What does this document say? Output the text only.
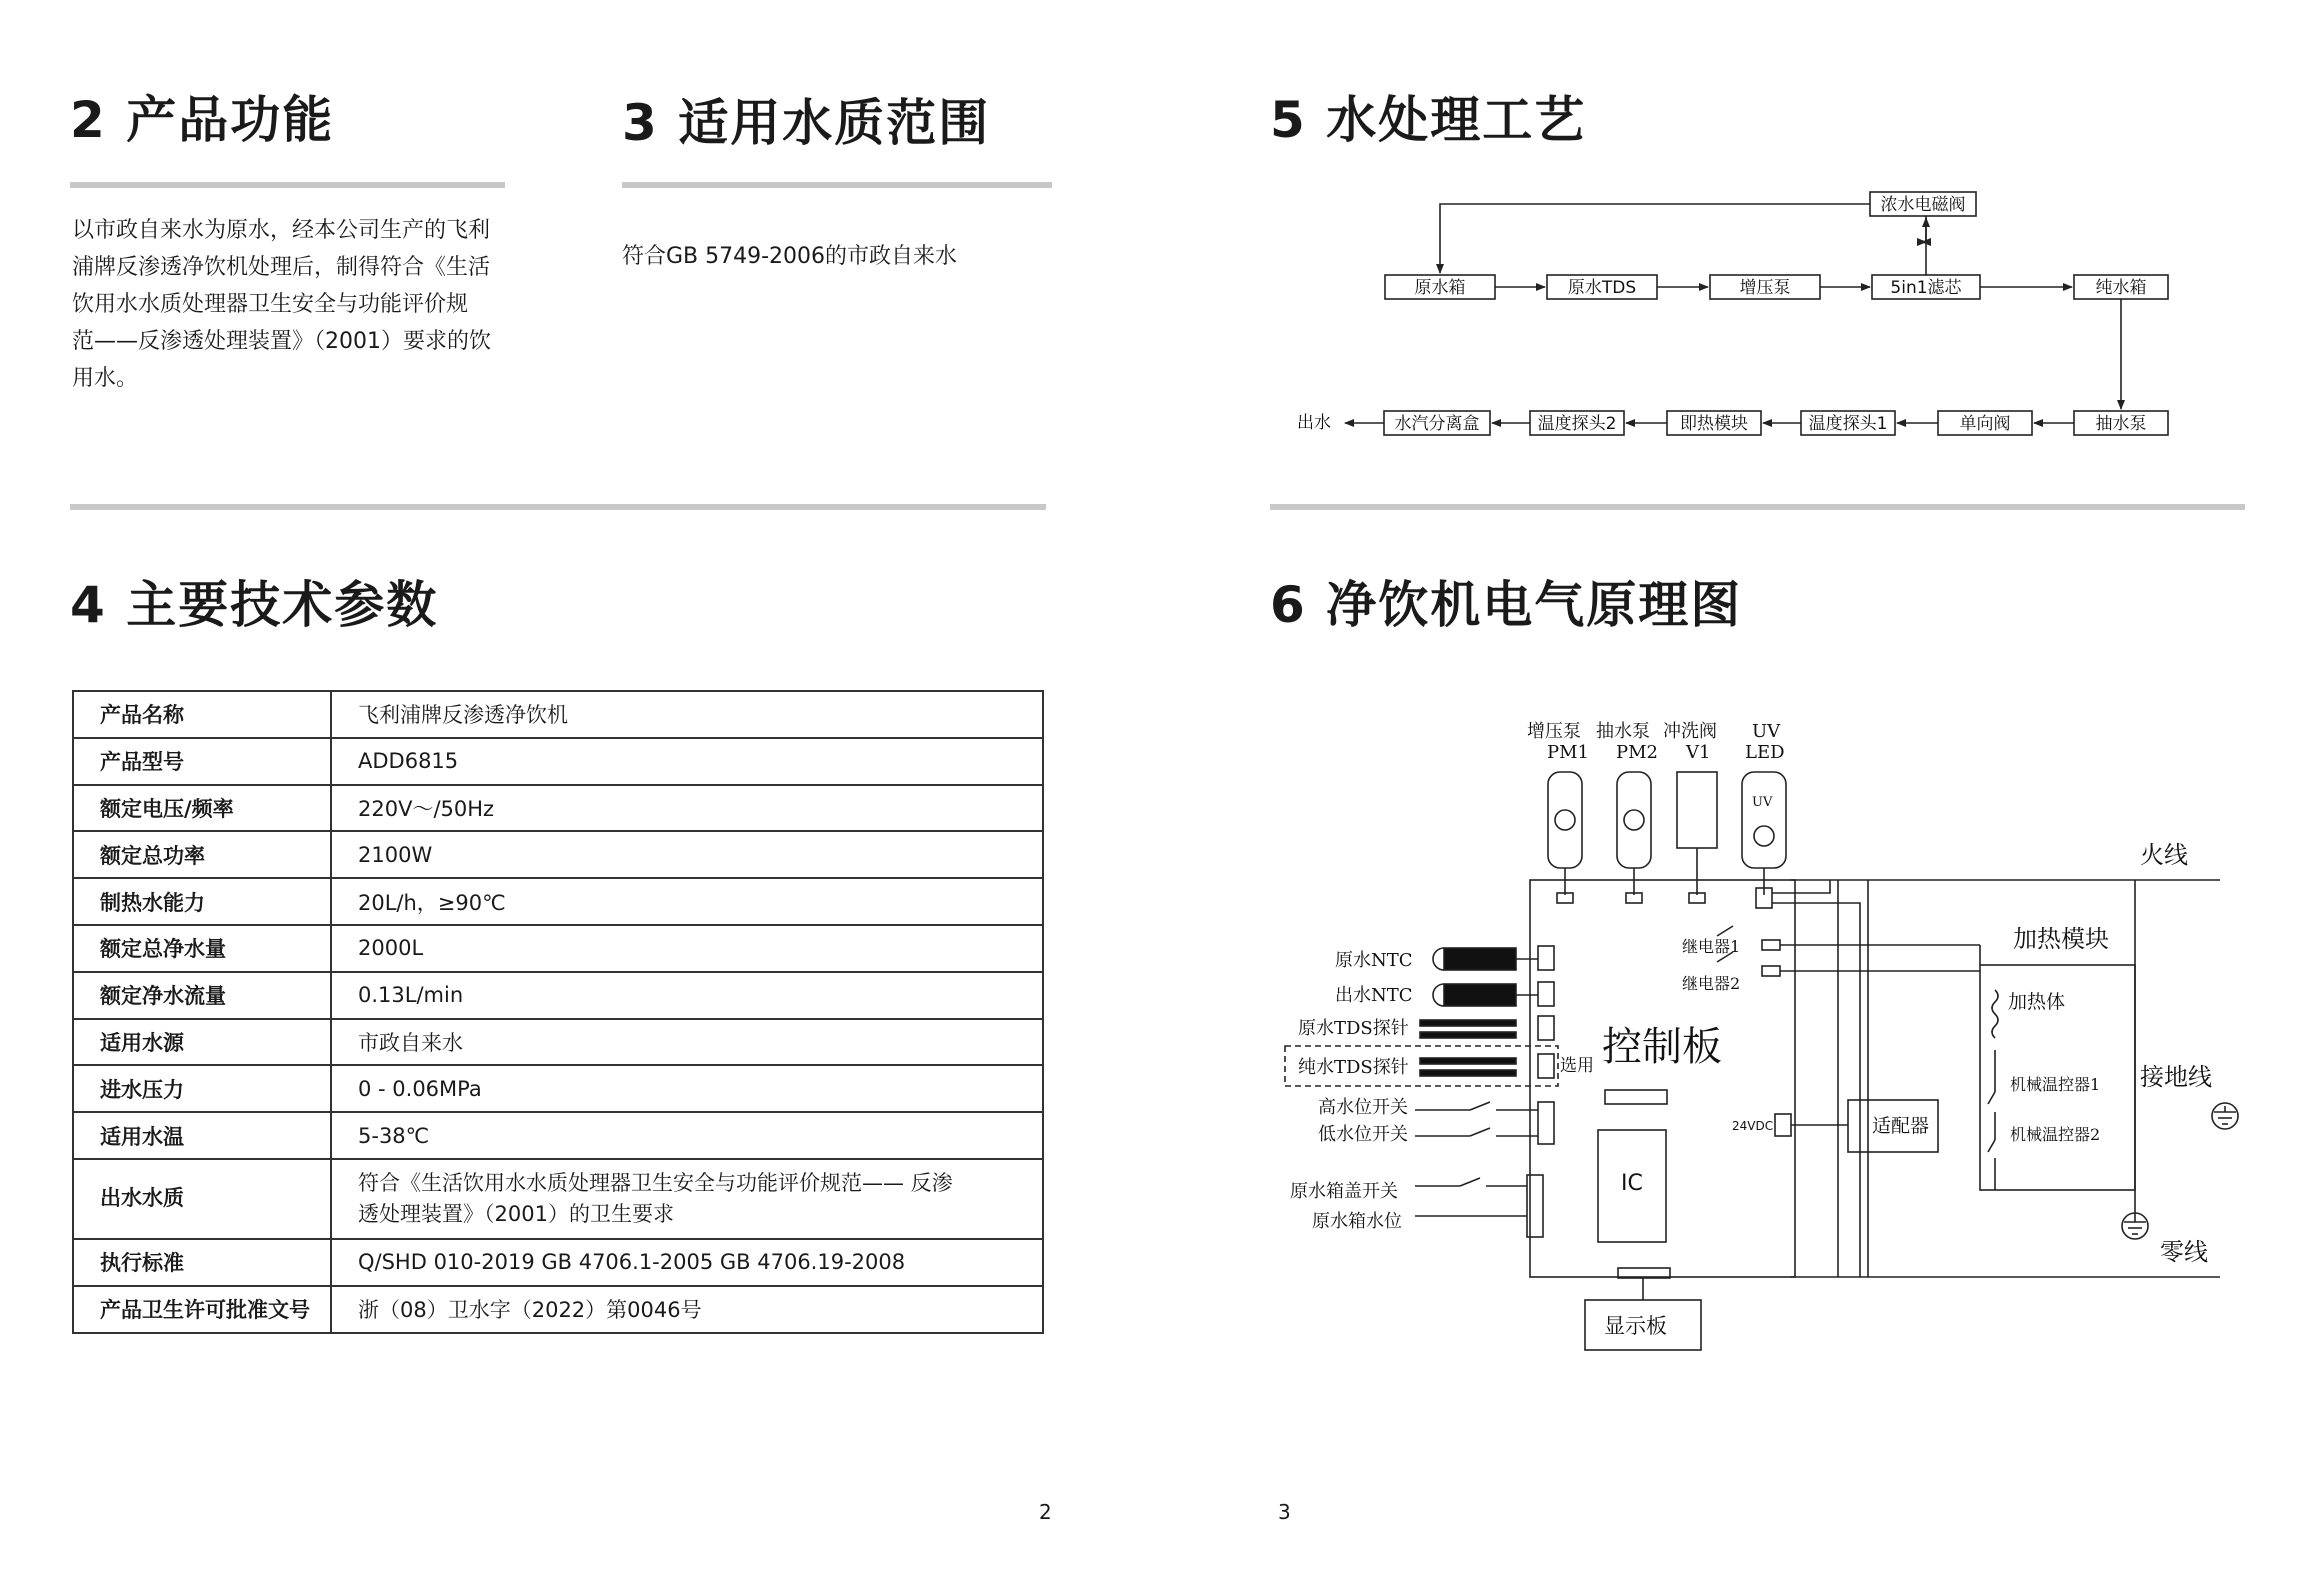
2 产品功能
以市政自来水为原水，经本公司生产的飞利
浦牌反渗透净饮机处理后，制得符合《生活
饮用水水质处理器卫生安全与功能评价规
范——反渗透处理装置》（2001）要求的饮
用水。
3 适用水质范围
符合GB 5749-2006的市政自来水
4 主要技术参数
产品名称	飞利浦牌反渗透净饮机
产品型号	ADD6815
额定电压/频率	220V～/50Hz
额定总功率	2100W
制热水能力	20L/h，≥90℃
额定总净水量	2000L
额定净水流量	0.13L/min
适用水源	市政自来水
进水压力	0 - 0.06MPa
适用水温	5-38℃
出水水质	符合《生活饮用水水质处理器卫生安全与功能评价规范—— 反渗
透处理装置》（2001）的卫生要求

执行标准	Q/SHD 010-2019 GB 4706.1-2005 GB 4706.19-2008
产品卫生许可批准文号	浙（08）卫水字（2022）第0046号
2
5 水处理工艺
6 净饮机电气原理图
3
浓水电磁阀
原水箱	原水TDS	增压泵	5in1滤芯	纯水箱
抽水泵
单向阀
温度探头1
即热模块
温度探头2
水汽分离盒
出水
增压泵
PM1
抽水泵
PM2
冲洗阀
V1
UV
LED
UV
火线
零线
接地线
加热模块
加热体
机械温控器1
机械温控器2
继电器1
继电器2
原水NTC
出水NTC
原水TDS探针
纯水TDS探针	选用
高水位开关
低水位开关
原水箱盖开关
原水箱水位
控制板
IC
24VDC	适配器
显示板
